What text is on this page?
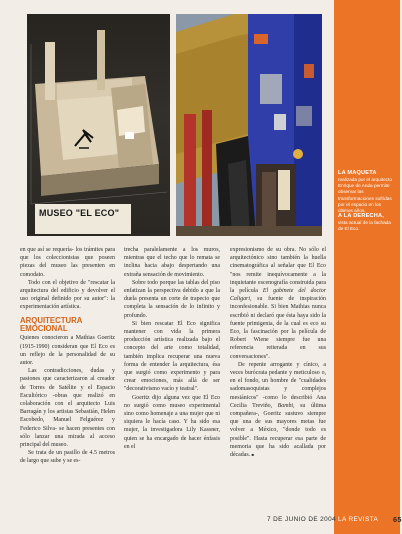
MUSEO "EL ECO"
LA MAQUETA
realizada por el arquitecto Enrique de Anda permite observar las transformaciones sufridas por el espacio en los últimos años.
A LA DERECHA,
vista actual de la fachada de El Eco.

en que así se requería- los trámites para que los coleccionistas que poseen piezas del museo las presenten en comodato.

Todo con el objetivo de "rescatar la arquitectura del edificio y devolver el uso original definido por su autor": la experimentación artística.

ARQUITECTURA
EMOCIONAL

Quienes conocieron a Mathias Goeritz (1915-1990) consideran que El Eco es un reflejo de la personalidad de su autor.

Las contradicciones, dudas y pasiones que caracterizaron al creador de Torres de Satélite y el Espacio Escultórico -obras que realizó en colaboración con el arquitecto Luis Barragán y los artistas Sebastián, Helen Escobedo, Manuel Felguérez y Federico Silva- se hacen presentes con sólo lanzar una mirada al acceso principal del museo.

Se trata de un pasillo de 4.5 metros de largo que sube y se es-

trecha paralelamente a los muros, mientras que el techo que lo remata se inclina hacia abajo despertando una extraña sensación de movimiento.

Sobre todo porque las tablas del piso enfatizan la perspectiva debido a que la duela presenta un corte de trapecio que completa la sensación de lo infinito y profundo.

Si bien rescatar El Eco significa mantener con vida la primera producción artística realizada bajo el concepto del arte como totalidad, también implica recuperar una nueva forma de entender la arquitectura, ésa que surgió como experimento y para crear emociones, más allá de ser "decorativismo vacío y teatral".

Goeritz dijo alguna vez que El Eco no surgió como museo experimental sino como homenaje a una mujer que ni siquiera le hacía caso. Y ha sido esa mujer, la investigadora Lily Kassner, quien se ha encargado de hacer énfasis en el

expresionismo de su obra. No sólo el arquitectónico sino también la huella cinematográfica al señalar que El Eco "nos remite inequívocamente a la inquietante escenografía construida para la película El gabinete del doctor Caligari, su fuente de inspiración inconfesionable. Si bien Mathias nunca escribió ni declaró que ésta haya sido la fuente primigenia, de la cual es eco su Eco, la fascinación por la película de Robert Wiene siempre fue una referencia reiterada en sus conversaciones".

De repente arrogante y cínico, a veces burócrata pedante y meticuloso o, en el fondo, un hombre de "cualidades sadomasoquistas y complejos mesiánicos" -como lo describió Ana Cecilia Treviño, Bambi, su última compañera-, Goeritz sustuvo siempre que una de sus mayores metas fue volver a México, "donde todo es posible". Hasta recuperar esa parte de memoria que ha sido acallada por décadas. ■

7 DE JUNIO DE 2004 LA REVISTA 65
